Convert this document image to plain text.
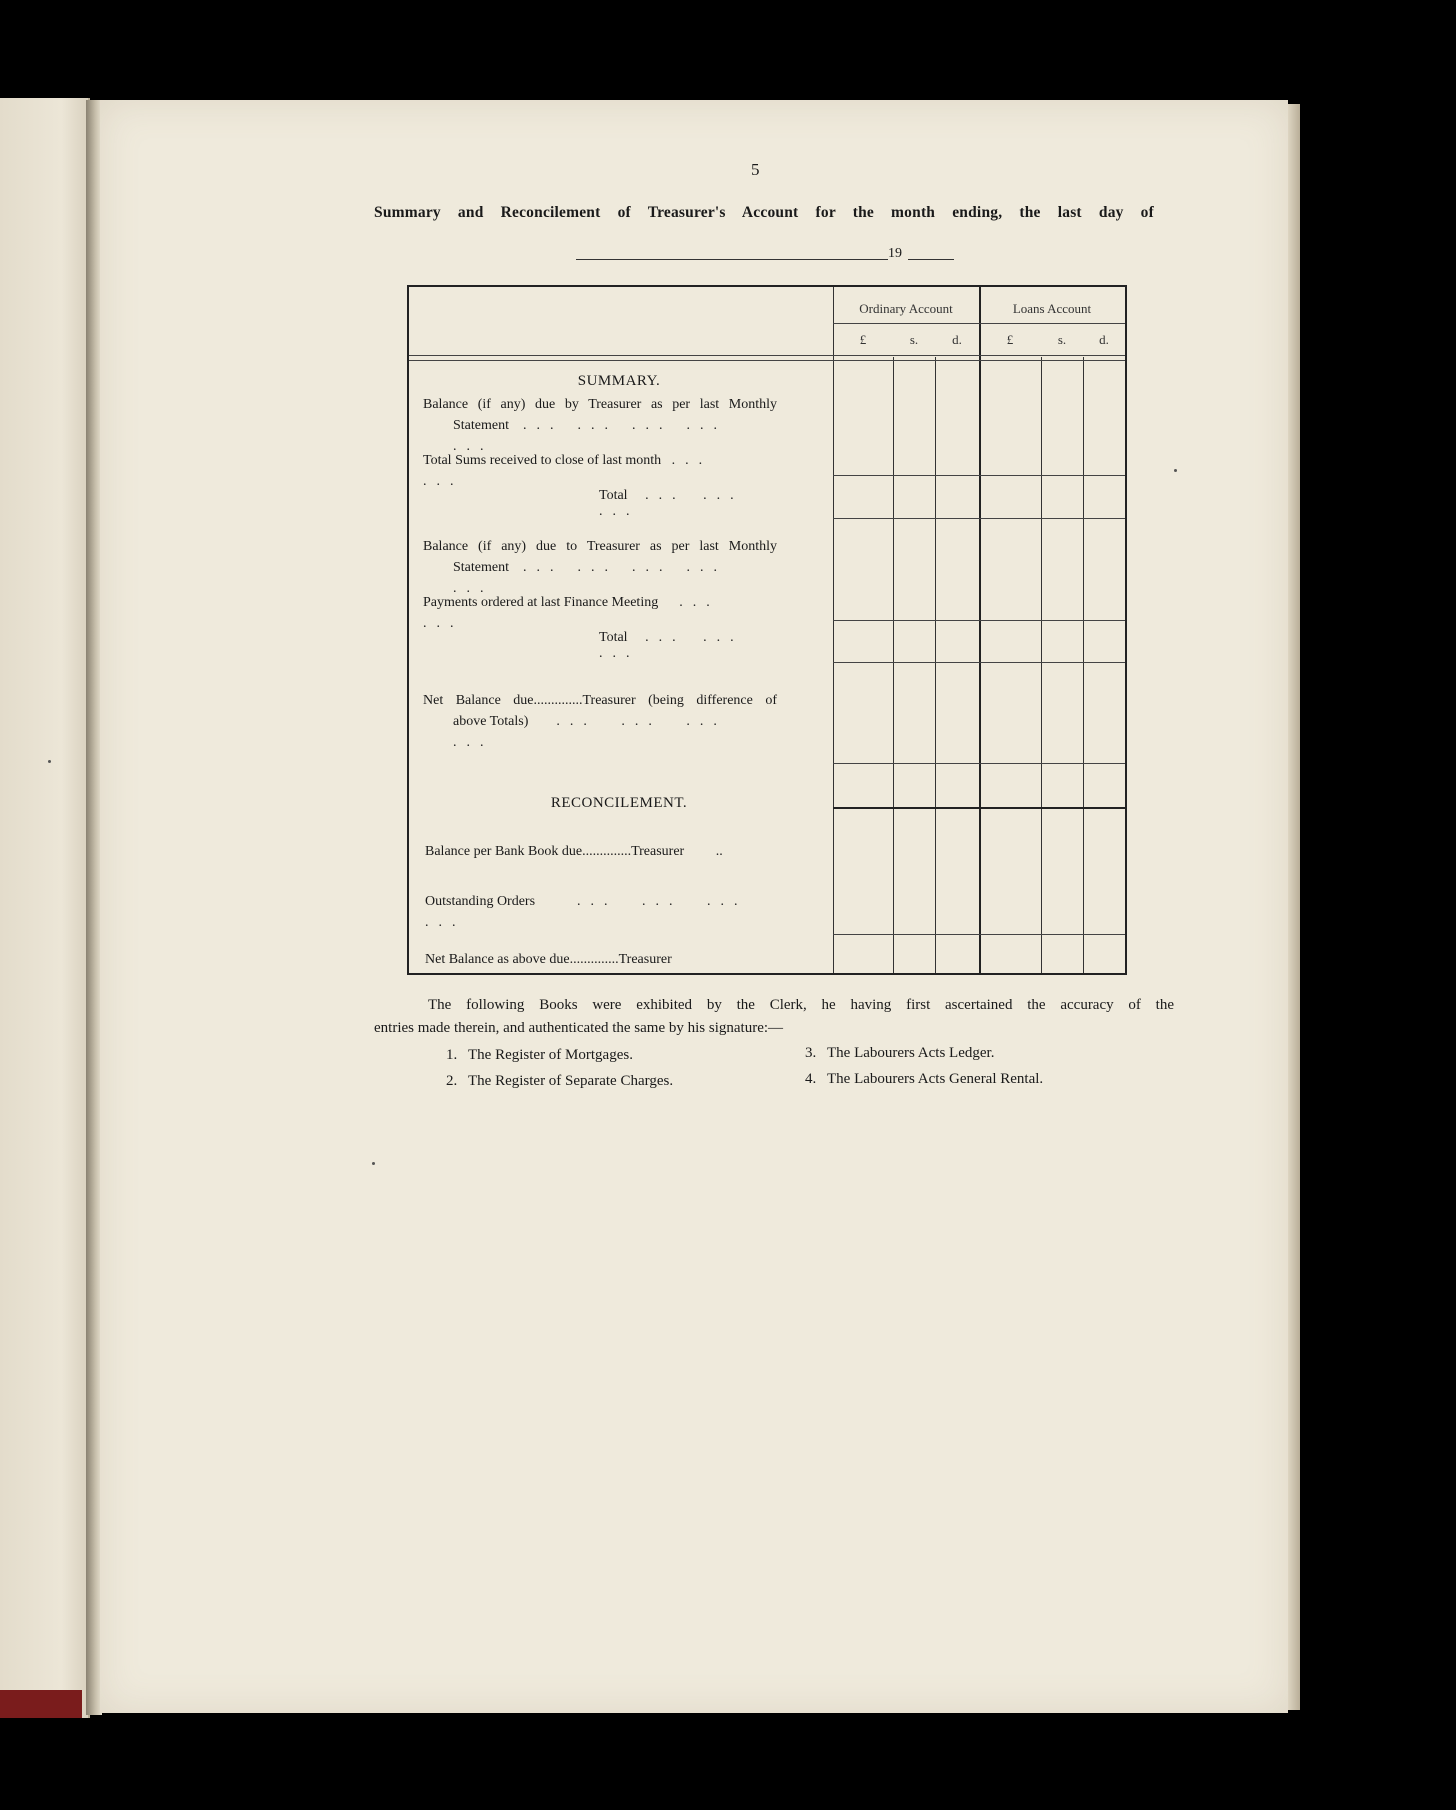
5
Summary and Reconcilement of Treasurer's Account for the month ending, the last day of
19
Ordinary Account	Loans Account
£	s.	d.	£	s.	d.
SUMMARY.
Balance (if any) due by Treasurer as per last Monthly
Statement ... ... ... ...   ...
Total Sums received to close of last month ...        ...
Total ... ...     ...
Balance (if any) due to Treasurer as per last Monthly
Statement ... ... ... ...   ...
Payments ordered at last Finance Meeting ...        ...
Total ... ...     ...
Net Balance due..............Treasurer (being difference of
above Totals) ... ... ...    ...
RECONCILEMENT.
Balance per Bank Book due..............Treasurer ..
Outstanding Orders	... ... ...       ...
Net Balance as above due..............Treasurer
The following Books were exhibited by the Clerk, he having first ascertained the accuracy of the
entries made therein, and authenticated the same by his signature:—
1. The Register of Mortgages.
2. The Register of Separate Charges.
3. The Labourers Acts Ledger.
4. The Labourers Acts General Rental.
